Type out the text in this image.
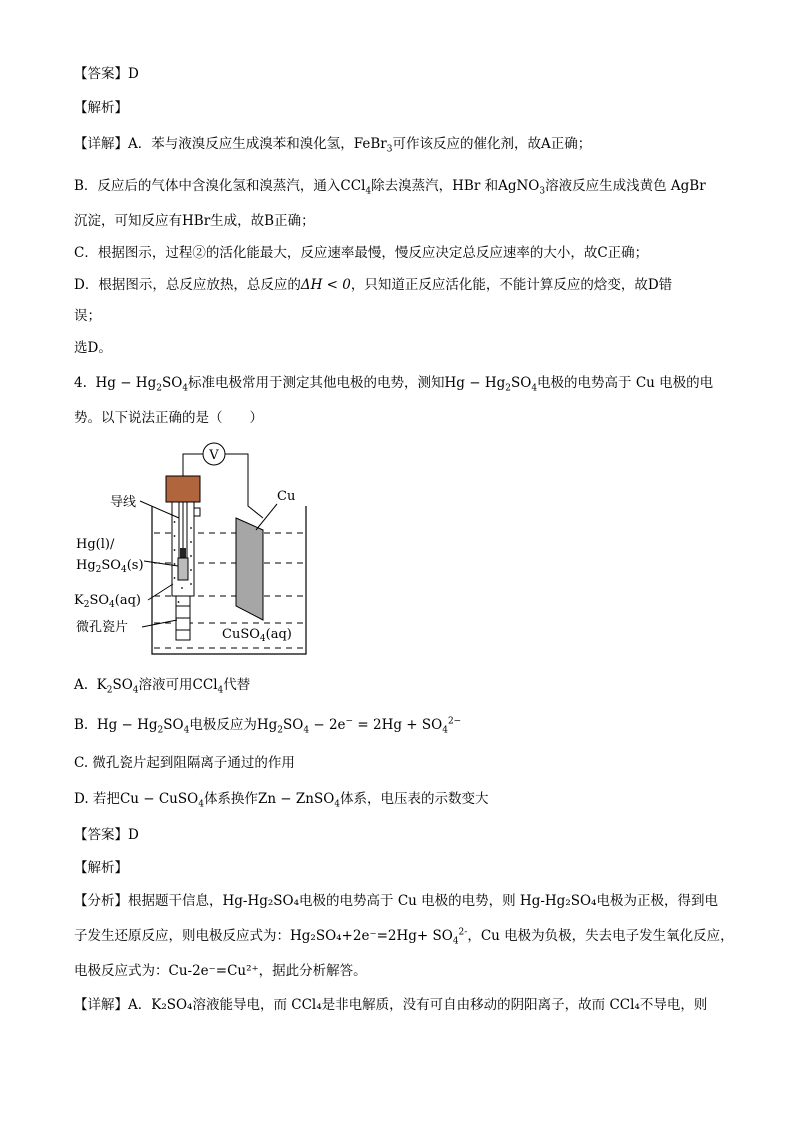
【答案】D
【解析】
【详解】A．苯与液溴反应生成溴苯和溴化氢，FeBr$_3$可作该反应的催化剂，故A正确；
B．反应后的气体中含溴化氢和溴蒸汽，通入CCl$_4$除去溴蒸汽，HBr 和AgNO$_3$溶液反应生成浅黄色 AgBr
沉淀，可知反应有HBr生成，故B正确；
C．根据图示，过程②的活化能最大，反应速率最慢，慢反应决定总反应速率的大小，故C正确；
D．根据图示，总反应放热，总反应的ΔH < 0，只知道正反应活化能，不能计算反应的焓变，故D错
误；
选D。
4. $Hg - Hg_2SO_4$标准电极常用于测定其他电极的电势，测知$Hg - Hg_2SO_4$电极的电势高于 Cu 电极的电
势。以下说法正确的是（　　）
V
Cu
导线
Hg(l)/
$Hg_2SO_4(s)$
$K_2SO_4(aq)$
微孔瓷片	CuSO$_4$(aq)
A. $K_2SO_4$溶液可用CCl$_4$代替
B. $Hg - Hg_2SO_4$电极反应为$Hg_2SO_4 - 2e^- = 2Hg + SO_4^{2-}$
C. 微孔瓷片起到阻隔离子通过的作用
D. 若把Cu − CuSO$_4$体系换作Zn − ZnSO$_4$体系，电压表的示数变大
【答案】D
【解析】
【分析】根据题干信息，Hg-Hg₂SO₄电极的电势高于 Cu 电极的电势，则 Hg-Hg₂SO₄电极为正极，得到电
子发生还原反应，则电极反应式为：$Hg_2SO_4+2e^-=2Hg+ SO_4^{2-}$，Cu 电极为负极，失去电子发生氧化反应，
电极反应式为：Cu-2e⁻=Cu²⁺，据此分析解答。
【详解】A．K₂SO₄溶液能导电，而 CCl₄是非电解质，没有可自由移动的阴阳离子，故而 CCl₄不导电，则
